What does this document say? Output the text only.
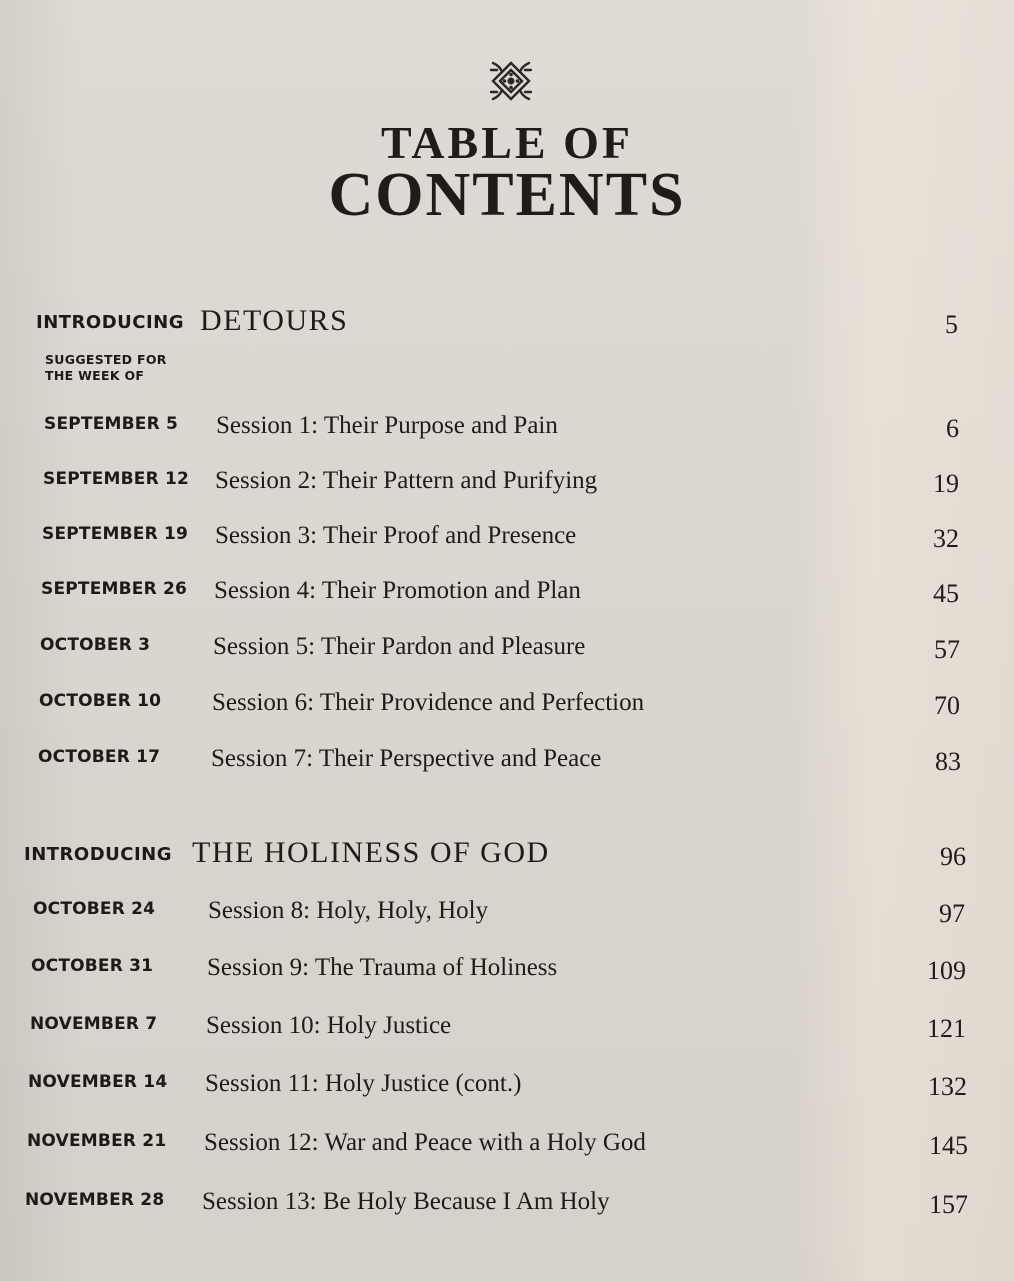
TABLE OF
CONTENTS
INTRODUCING DETOURS	5
SUGGESTED FOR
THE WEEK OF
SEPTEMBER 5 Session 1: Their Purpose and Pain	6
SEPTEMBER 12 Session 2: Their Pattern and Purifying	19
SEPTEMBER 19 Session 3: Their Proof and Presence	32
SEPTEMBER 26 Session 4: Their Promotion and Plan	45
OCTOBER 3	Session 5: Their Pardon and Pleasure	57
OCTOBER 10 Session 6: Their Providence and Perfection	70
OCTOBER 17 Session 7: Their Perspective and Peace	83
INTRODUCING THE HOLINESS OF GOD	96
OCTOBER 24 Session 8: Holy, Holy, Holy	97
OCTOBER 31 Session 9: The Trauma of Holiness	109
NOVEMBER 7 Session 10: Holy Justice	121
NOVEMBER 14 Session 11: Holy Justice (cont.)	132
NOVEMBER 21 Session 12: War and Peace with a Holy God	145
NOVEMBER 28 Session 13: Be Holy Because I Am Holy	157
